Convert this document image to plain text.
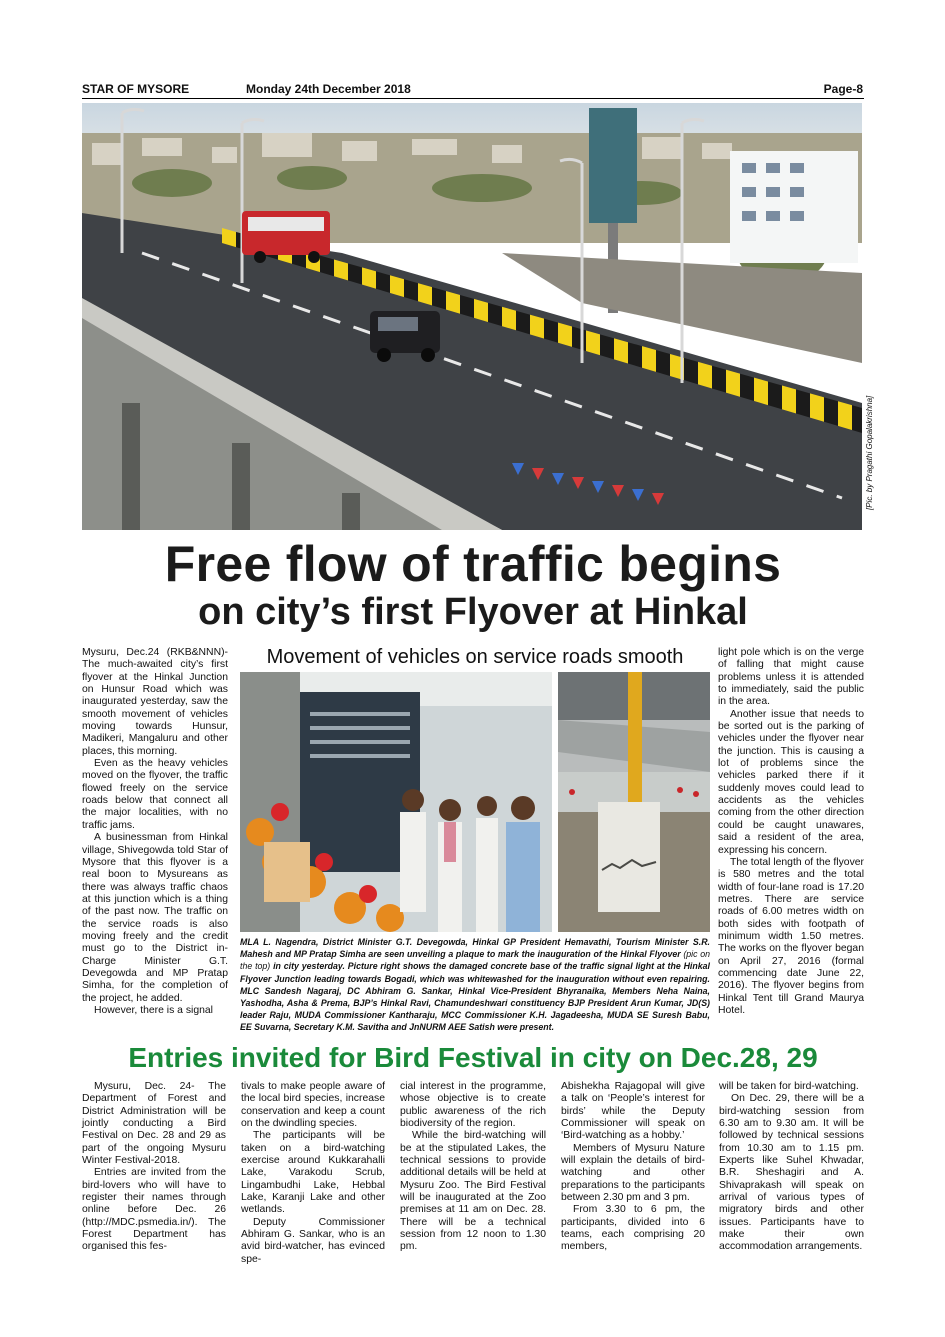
STAR OF MYSORE	Monday 24th December 2018	Page-8
[Pic. by Pragathi Gopalakrishna]
Free flow of traffic begins
on city’s first Flyover at Hinkal

Mysuru, Dec.24 (RKB&NNN)- The much-awaited city’s first flyover at the Hinkal Junction on Hunsur Road which was inaugurated yesterday, saw the smooth movement of vehicles moving towards Hunsur, Madikeri, Mangaluru and other places, this morning.

Even as the heavy vehicles moved on the flyover, the traffic flowed freely on the service roads below that connect all the major localities, with no traffic jams.

A businessman from Hinkal village, Shivegowda told Star of Mysore that this flyover is a real boon to Mysureans as there was always traffic chaos at this junction which is a thing of the past now. The traffic on the service roads is also moving freely and the credit must go to the District in-Charge Minister G.T. Devegowda and MP Pratap Simha, for the completion of the project, he added.

However, there is a signal

Movement of vehicles on service roads smooth
MLA L. Nagendra, District Minister G.T. Devegowda, Hinkal GP President Hemavathi, Tourism Minister S.R. Mahesh and MP Pratap Simha are seen unveiling a plaque to mark the inauguration of the Hinkal Flyover (pic on the top) in city yesterday. Picture right shows the damaged concrete base of the traffic signal light at the Hinkal Flyover Junction leading towards Bogadi, which was whitewashed for the inauguration without even repairing. MLC Sandesh Nagaraj, DC Abhiram G. Sankar, Hinkal Vice-President Bhyranaika, Members Neha Naina, Yashodha, Asha & Prema, BJP’s Hinkal Ravi, Chamundeshwari constituency BJP President Arun Kumar, JD(S) leader Raju, MUDA Commissioner Kantharaju, MCC Commissioner K.H. Jagadeesha, MUDA SE Suresh Babu, EE Suvarna, Secretary K.M. Savitha and JnNURM AEE Satish were present.

light pole which is on the verge of falling that might cause problems unless it is attended to immediately, said the public in the area.

Another issue that needs to be sorted out is the parking of vehicles under the flyover near the junction. This is causing a lot of problems since the vehicles parked there if it suddenly moves could lead to accidents as the vehicles coming from the other direction could be caught unawares, said a resident of the area, expressing his concern.

The total length of the flyover is 580 metres and the total width of four-lane road is 17.20 metres. There are service roads of 6.00 metres width on both sides with footpath of minimum width 1.50 metres. The works on the flyover began on April 27, 2016 (formal commencing date June 22, 2016). The flyover begins from Hinkal Tent till Grand Maurya Hotel.

Entries invited for Bird Festival in city on Dec.28, 29

Mysuru, Dec. 24- The Department of Forest and District Administration will be jointly conducting a Bird Festival on Dec. 28 and 29 as part of the ongoing Mysuru Winter Festival-2018.

Entries are invited from the bird-lovers who will have to register their names through online before Dec. 26 (http://MDC.psmedia.in/). The Forest Department has organised this fes-

tivals to make people aware of the local bird species, increase conservation and keep a count on the dwindling species.

The participants will be taken on a bird-watching exercise around Kukkarahalli Lake, Varakodu Scrub, Lingambudhi Lake, Hebbal Lake, Karanji Lake and other wetlands.

Deputy Commissioner Abhiram G. Sankar, who is an avid bird-watcher, has evinced spe-

cial interest in the programme, whose objective is to create public awareness of the rich biodiversity of the region.

While the bird-watching will be at the stipulated Lakes, the technical sessions to provide additional details will be held at Mysuru Zoo. The Bird Festival will be inaugurated at the Zoo premises at 11 am on Dec. 28. There will be a technical session from 12 noon to 1.30 pm.

Abishekha Rajagopal will give a talk on ‘People’s interest for birds’ while the Deputy Commissioner will speak on ‘Bird-watching as a hobby.’

Members of Mysuru Nature will explain the details of bird-watching and other preparations to the participants between 2.30 pm and 3 pm.

From 3.30 to 6 pm, the participants, divided into 6 teams, each comprising 20 members,

will be taken for bird-watching.

On Dec. 29, there will be a bird-watching session from 6.30 am to 9.30 am. It will be followed by technical sessions from 10.30 am to 1.15 pm. Experts like Suhel Khwadar, B.R. Sheshagiri and A. Shivaprakash will speak on arrival of various types of migratory birds and other issues. Participants have to make their own accommodation arrangements.
